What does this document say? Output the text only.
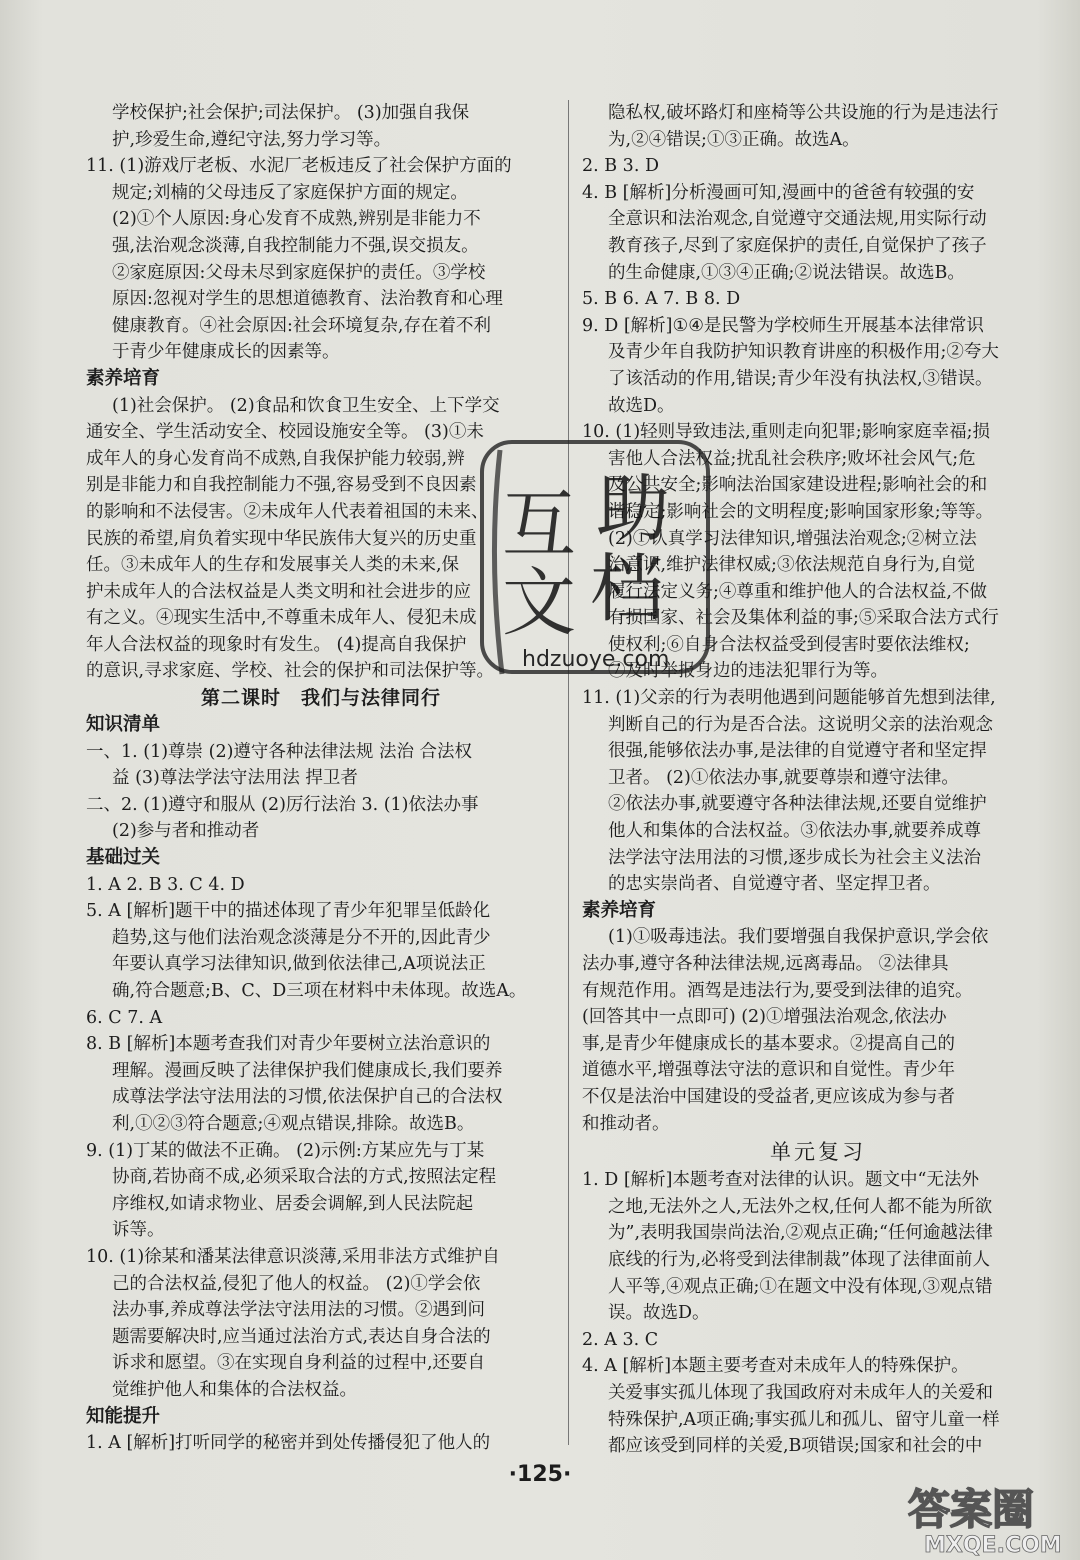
学校保护;社会保护;司法保护。 (3)加强自我保
护,珍爱生命,遵纪守法,努力学习等。
11. (1)游戏厅老板、水泥厂老板违反了社会保护方面的
规定;刘楠的父母违反了家庭保护方面的规定。
(2)①个人原因:身心发育不成熟,辨别是非能力不
强,法治观念淡薄,自我控制能力不强,误交损友。
②家庭原因:父母未尽到家庭保护的责任。③学校
原因:忽视对学生的思想道德教育、法治教育和心理
健康教育。④社会原因:社会环境复杂,存在着不利
于青少年健康成长的因素等。
素养培育
(1)社会保护。 (2)食品和饮食卫生安全、上下学交
通安全、学生活动安全、校园设施安全等。 (3)①未
成年人的身心发育尚不成熟,自我保护能力较弱,辨
别是非能力和自我控制能力不强,容易受到不良因素
的影响和不法侵害。②未成年人代表着祖国的未来、
民族的希望,肩负着实现中华民族伟大复兴的历史重
任。③未成年人的生存和发展事关人类的未来,保
护未成年人的合法权益是人类文明和社会进步的应
有之义。④现实生活中,不尊重未成年人、侵犯未成
年人合法权益的现象时有发生。 (4)提高自我保护
的意识,寻求家庭、学校、社会的保护和司法保护等。
第二课时　我们与法律同行
知识清单
一、1. (1)尊崇 (2)遵守各种法律法规 法治 合法权
益 (3)尊法学法守法用法 捍卫者
二、2. (1)遵守和服从 (2)厉行法治 3. (1)依法办事
(2)参与者和推动者
基础过关
1. A 2. B 3. C 4. D
5. A [解析]题干中的描述体现了青少年犯罪呈低龄化
趋势,这与他们法治观念淡薄是分不开的,因此青少
年要认真学习法律知识,做到依法律己,A项说法正
确,符合题意;B、C、D三项在材料中未体现。故选A。
6. C 7. A
8. B [解析]本题考查我们对青少年要树立法治意识的
理解。漫画反映了法律保护我们健康成长,我们要养
成尊法学法守法用法的习惯,依法保护自己的合法权
利,①②③符合题意;④观点错误,排除。故选B。
9. (1)丁某的做法不正确。 (2)示例:方某应先与丁某
协商,若协商不成,必须采取合法的方式,按照法定程
序维权,如请求物业、居委会调解,到人民法院起
诉等。
10. (1)徐某和潘某法律意识淡薄,采用非法方式维护自
己的合法权益,侵犯了他人的权益。 (2)①学会依
法办事,养成尊法学法守法用法的习惯。②遇到问
题需要解决时,应当通过法治方式,表达自身合法的
诉求和愿望。③在实现自身利益的过程中,还要自
觉维护他人和集体的合法权益。
知能提升
1. A [解析]打听同学的秘密并到处传播侵犯了他人的
隐私权,破坏路灯和座椅等公共设施的行为是违法行
为,②④错误;①③正确。故选A。
2. B 3. D
4. B [解析]分析漫画可知,漫画中的爸爸有较强的安
全意识和法治观念,自觉遵守交通法规,用实际行动
教育孩子,尽到了家庭保护的责任,自觉保护了孩子
的生命健康,①③④正确;②说法错误。故选B。
5. B 6. A 7. B 8. D
9. D [解析]①④是民警为学校师生开展基本法律常识
及青少年自我防护知识教育讲座的积极作用;②夸大
了该活动的作用,错误;青少年没有执法权,③错误。
故选D。
10. (1)轻则导致违法,重则走向犯罪;影响家庭幸福;损
害他人合法权益;扰乱社会秩序;败坏社会风气;危
及公共安全;影响法治国家建设进程;影响社会的和
谐稳定;影响社会的文明程度;影响国家形象;等等。
(2)①认真学习法律知识,增强法治观念;②树立法
治意识,维护法律权威;③依法规范自身行为,自觉
履行法定义务;④尊重和维护他人的合法权益,不做
有损国家、社会及集体利益的事;⑤采取合法方式行
使权利;⑥自身合法权益受到侵害时要依法维权;
⑦及时举报身边的违法犯罪行为等。
11. (1)父亲的行为表明他遇到问题能够首先想到法律,
判断自己的行为是否合法。这说明父亲的法治观念
很强,能够依法办事,是法律的自觉遵守者和坚定捍
卫者。 (2)①依法办事,就要尊崇和遵守法律。
②依法办事,就要遵守各种法律法规,还要自觉维护
他人和集体的合法权益。③依法办事,就要养成尊
法学法守法用法的习惯,逐步成长为社会主义法治
的忠实崇尚者、自觉遵守者、坚定捍卫者。
素养培育
(1)①吸毒违法。我们要增强自我保护意识,学会依
法办事,遵守各种法律法规,远离毒品。 ②法律具
有规范作用。酒驾是违法行为,要受到法律的追究。
(回答其中一点即可) (2)①增强法治观念,依法办
事,是青少年健康成长的基本要求。②提高自己的
道德水平,增强尊法守法的意识和自觉性。青少年
不仅是法治中国建设的受益者,更应该成为参与者
和推动者。
单元复习
1. D [解析]本题考查对法律的认识。题文中“无法外
之地,无法外之人,无法外之权,任何人都不能为所欲
为”,表明我国崇尚法治,②观点正确;“任何逾越法律
底线的行为,必将受到法律制裁”体现了法律面前人
人平等,④观点正确;①在题文中没有体现,③观点错
误。故选D。
2. A 3. C
4. A [解析]本题主要考查对未成年人的特殊保护。
关爱事实孤儿体现了我国政府对未成年人的关爱和
特殊保护,A项正确;事实孤儿和孤儿、留守儿童一样
都应该受到同样的关爱,B项错误;国家和社会的中
互 助
文 档
hdzuoye.com
·125·
答案圈
MXQE.COM
